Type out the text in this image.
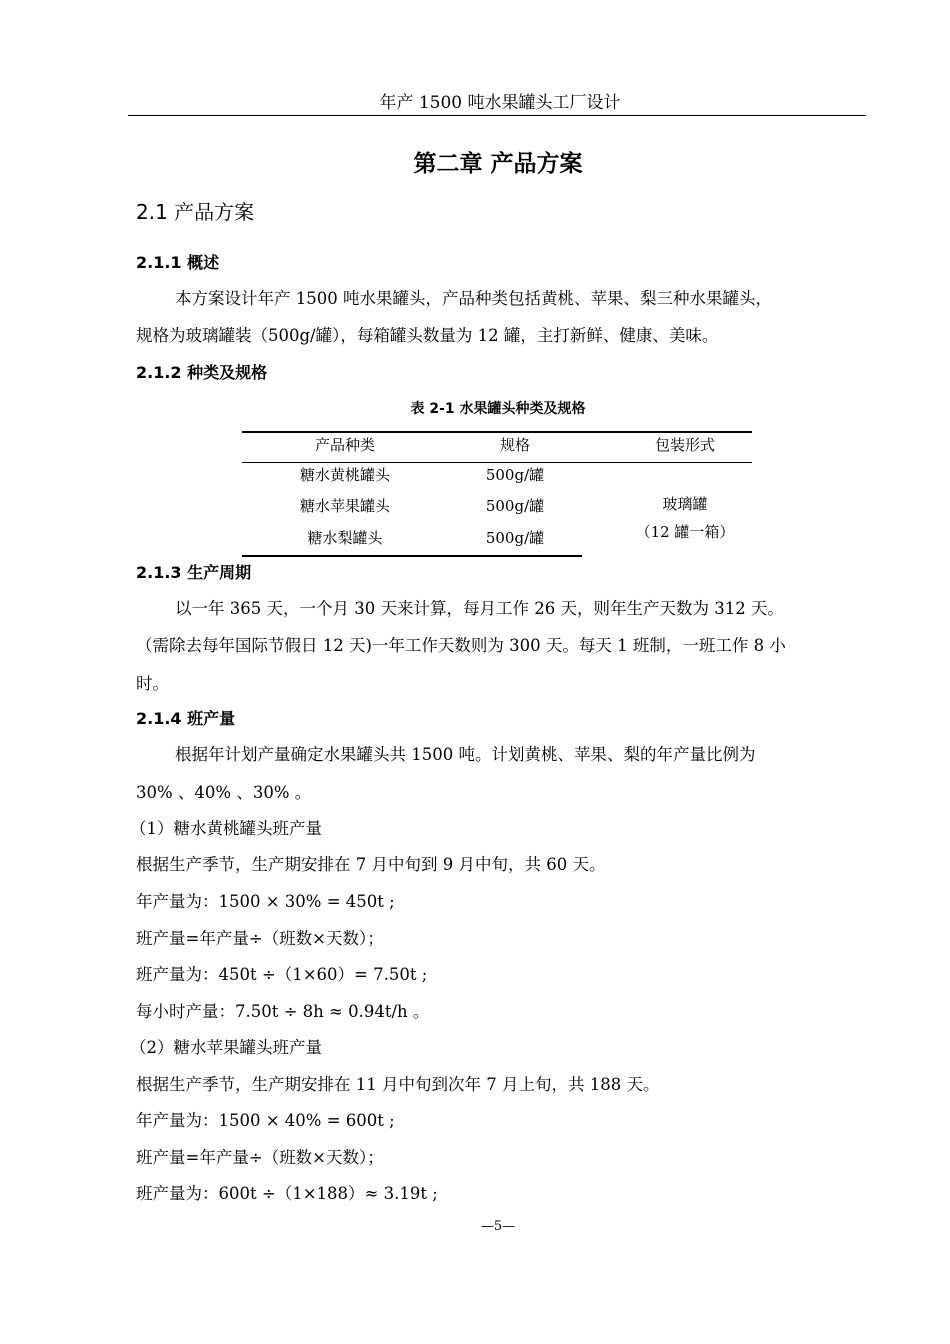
年产 1500 吨水果罐头工厂设计
第二章 产品方案
2.1 产品方案
2.1.1 概述
本方案设计年产 1500 吨水果罐头，产品种类包括黄桃、苹果、梨三种水果罐头，
规格为玻璃罐装（500g/罐），每箱罐头数量为 12 罐，主打新鲜、健康、美味。
2.1.2 种类及规格
表 2-1 水果罐头种类及规格
产品种类	规格	包装形式
糖水黄桃罐头	500g/罐
糖水苹果罐头	500g/罐
糖水梨罐头	500g/罐
玻璃罐
（12 罐一箱）
2.1.3 生产周期
以一年 365 天，一个月 30 天来计算，每月工作 26 天，则年生产天数为 312 天。
（需除去每年国际节假日 12 天)一年工作天数则为 300 天。每天 1 班制，一班工作 8 小
时。
2.1.4 班产量
根据年计划产量确定水果罐头共 1500 吨。计划黄桃、苹果、梨的年产量比例为
30% 、40% 、30% 。
（1）糖水黄桃罐头班产量
根据生产季节，生产期安排在 7 月中旬到 9 月中旬，共 60 天。
年产量为：1500 × 30% = 450t ;
班产量=年产量÷（班数×天数）；
班产量为：450t ÷（1×60）= 7.50t ;
每小时产量：7.50t ÷ 8h ≈ 0.94t/h 。
（2）糖水苹果罐头班产量
根据生产季节，生产期安排在 11 月中旬到次年 7 月上旬，共 188 天。
年产量为：1500 × 40% = 600t ;
班产量=年产量÷（班数×天数）；
班产量为：600t ÷（1×188）≈ 3.19t ;
—5—
